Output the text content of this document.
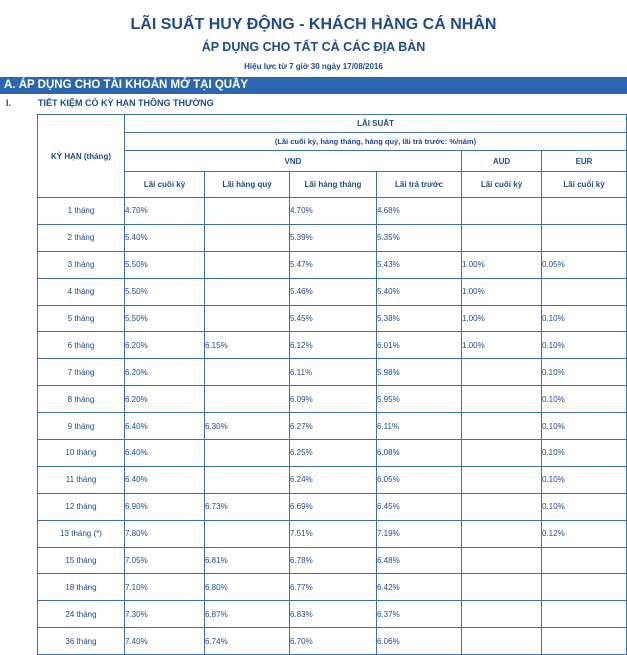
LÃI SUẤT HUY ĐỘNG - KHÁCH HÀNG CÁ NHÂN
ÁP DỤNG CHO TẤT CẢ CÁC ĐỊA BÀN
Hiệu lực từ 7 giờ 30 ngày 17/08/2016
A. ÁP DỤNG CHO TÀI KHOẢN MỞ TẠI QUẦY
I.	TIẾT KIỆM CÓ KỲ HẠN THÔNG THƯỜNG
KỲ HẠN (tháng)	LÃI SUẤT					
	(Lãi cuối kỳ, hàng tháng, hàng quý, lãi trả trước: %/năm)					
	VND				AUD	EUR
	Lãi cuối kỳ	Lãi hàng quý	Lãi hàng tháng	Lãi trả trước	Lãi cuối kỳ	Lãi cuối kỳ
1 tháng	4.70%		4.70%	4.68%		
2 tháng	5.40%		5.39%	5.35%		
3 tháng	5.50%		5.47%	5.43%	1.00%	0.05%
4 tháng	5.50%		5.46%	5.40%	1.00%	
5 tháng	5.50%		5.45%	5.38%	1.00%	0.10%
6 tháng	6.20%	6.15%	6.12%	6.01%	1.00%	0.10%
7 tháng	6.20%		6.11%	5.98%		0.10%
8 tháng	6.20%		6.09%	5.95%		0.10%
9 tháng	6.40%	6.30%	6.27%	6.11%		0.10%
10 tháng	6.40%		6.25%	6.08%		0.10%
11 tháng	6.40%		6.24%	6.05%		0.10%
12 tháng	6.90%	6.73%	6.69%	6.45%		0.10%
13 tháng (*)	7.80%		7.51%	7.19%		0.12%
15 tháng	7.05%	6.81%	6.78%	6.48%		
18 tháng	7.10%	6.80%	6.77%	6.42%		
24 tháng	7.30%	6.87%	6.83%	6.37%		
36 tháng	7.40%	6.74%	6.70%	6.06%		
